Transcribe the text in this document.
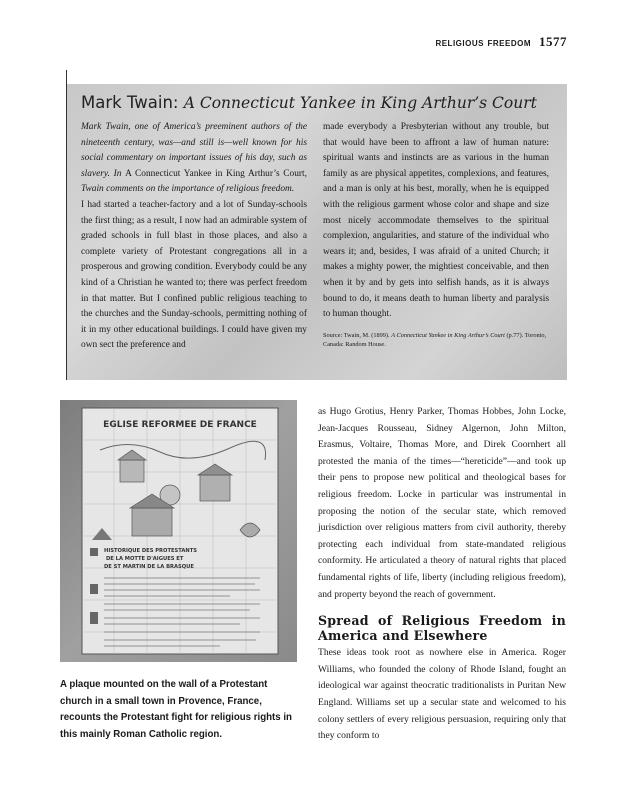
religious freedom 1577
Mark Twain: A Connecticut Yankee in King Arthur’s Court

Mark Twain, one of America’s preeminent authors of the nineteenth century, was—and still is—well known for his social commentary on important issues of his day, such as slavery. In A Connecticut Yankee in King Arthur’s Court, Twain comments on the importance of religious freedom.

I had started a teacher-factory and a lot of Sunday-schools the first thing; as a result, I now had an admirable system of graded schools in full blast in those places, and also a complete variety of Protestant congregations all in a prosperous and growing condition. Everybody could be any kind of a Christian he wanted to; there was perfect freedom in that matter. But I confined public religious teaching to the churches and the Sunday-schools, permitting nothing of it in my other educational buildings. I could have given my own sect the preference and

made everybody a Presbyterian without any trouble, but that would have been to affront a law of human nature: spiritual wants and instincts are as various in the human family as are physical appetites, complexions, and features, and a man is only at his best, morally, when he is equipped with the religious garment whose color and shape and size most nicely accommodate themselves to the spiritual complexion, angularities, and stature of the individual who wears it; and, besides, I was afraid of a united Church; it makes a mighty power, the mightiest conceivable, and then when it by and by gets into selfish hands, as it is always bound to do, it means death to human liberty and paralysis to human thought.

Source: Twain, M. (1899). A Connecticut Yankee in King Arthur’s Court (p.77). Toronto, Canada: Random House.

EGLISE REFORMEE DE FRANCE
HISTORIQUE DES PROTESTANTS
DE LA MOTTE D'AIGUES ET
DE ST MARTIN DE LA BRASQUE
A plaque mounted on the wall of a Protestant church in a small town in Provence, France, recounts the Protestant fight for religious rights in this mainly Roman Catholic region.

as Hugo Grotius, Henry Parker, Thomas Hobbes, John Locke, Jean-Jacques Rousseau, Sidney Algernon, John Milton, Erasmus, Voltaire, Thomas More, and Direk Coornhert all protested the mania of the times—“hereticide”—and took up their pens to propose new political and theological bases for religious freedom. Locke in particular was instrumental in proposing the notion of the secular state, which removed jurisdiction over religious matters from civil authority, thereby protecting each individual from state-mandated religious conformity. He articulated a theory of natural rights that placed fundamental rights of life, liberty (including religious freedom), and property beyond the reach of government.

Spread of Religious Freedom in America and Elsewhere

These ideas took root as nowhere else in America. Roger Williams, who founded the colony of Rhode Island, fought an ideological war against theocratic traditionalists in Puritan New England. Williams set up a secular state and welcomed to his colony settlers of every religious persuasion, requiring only that they conform to
